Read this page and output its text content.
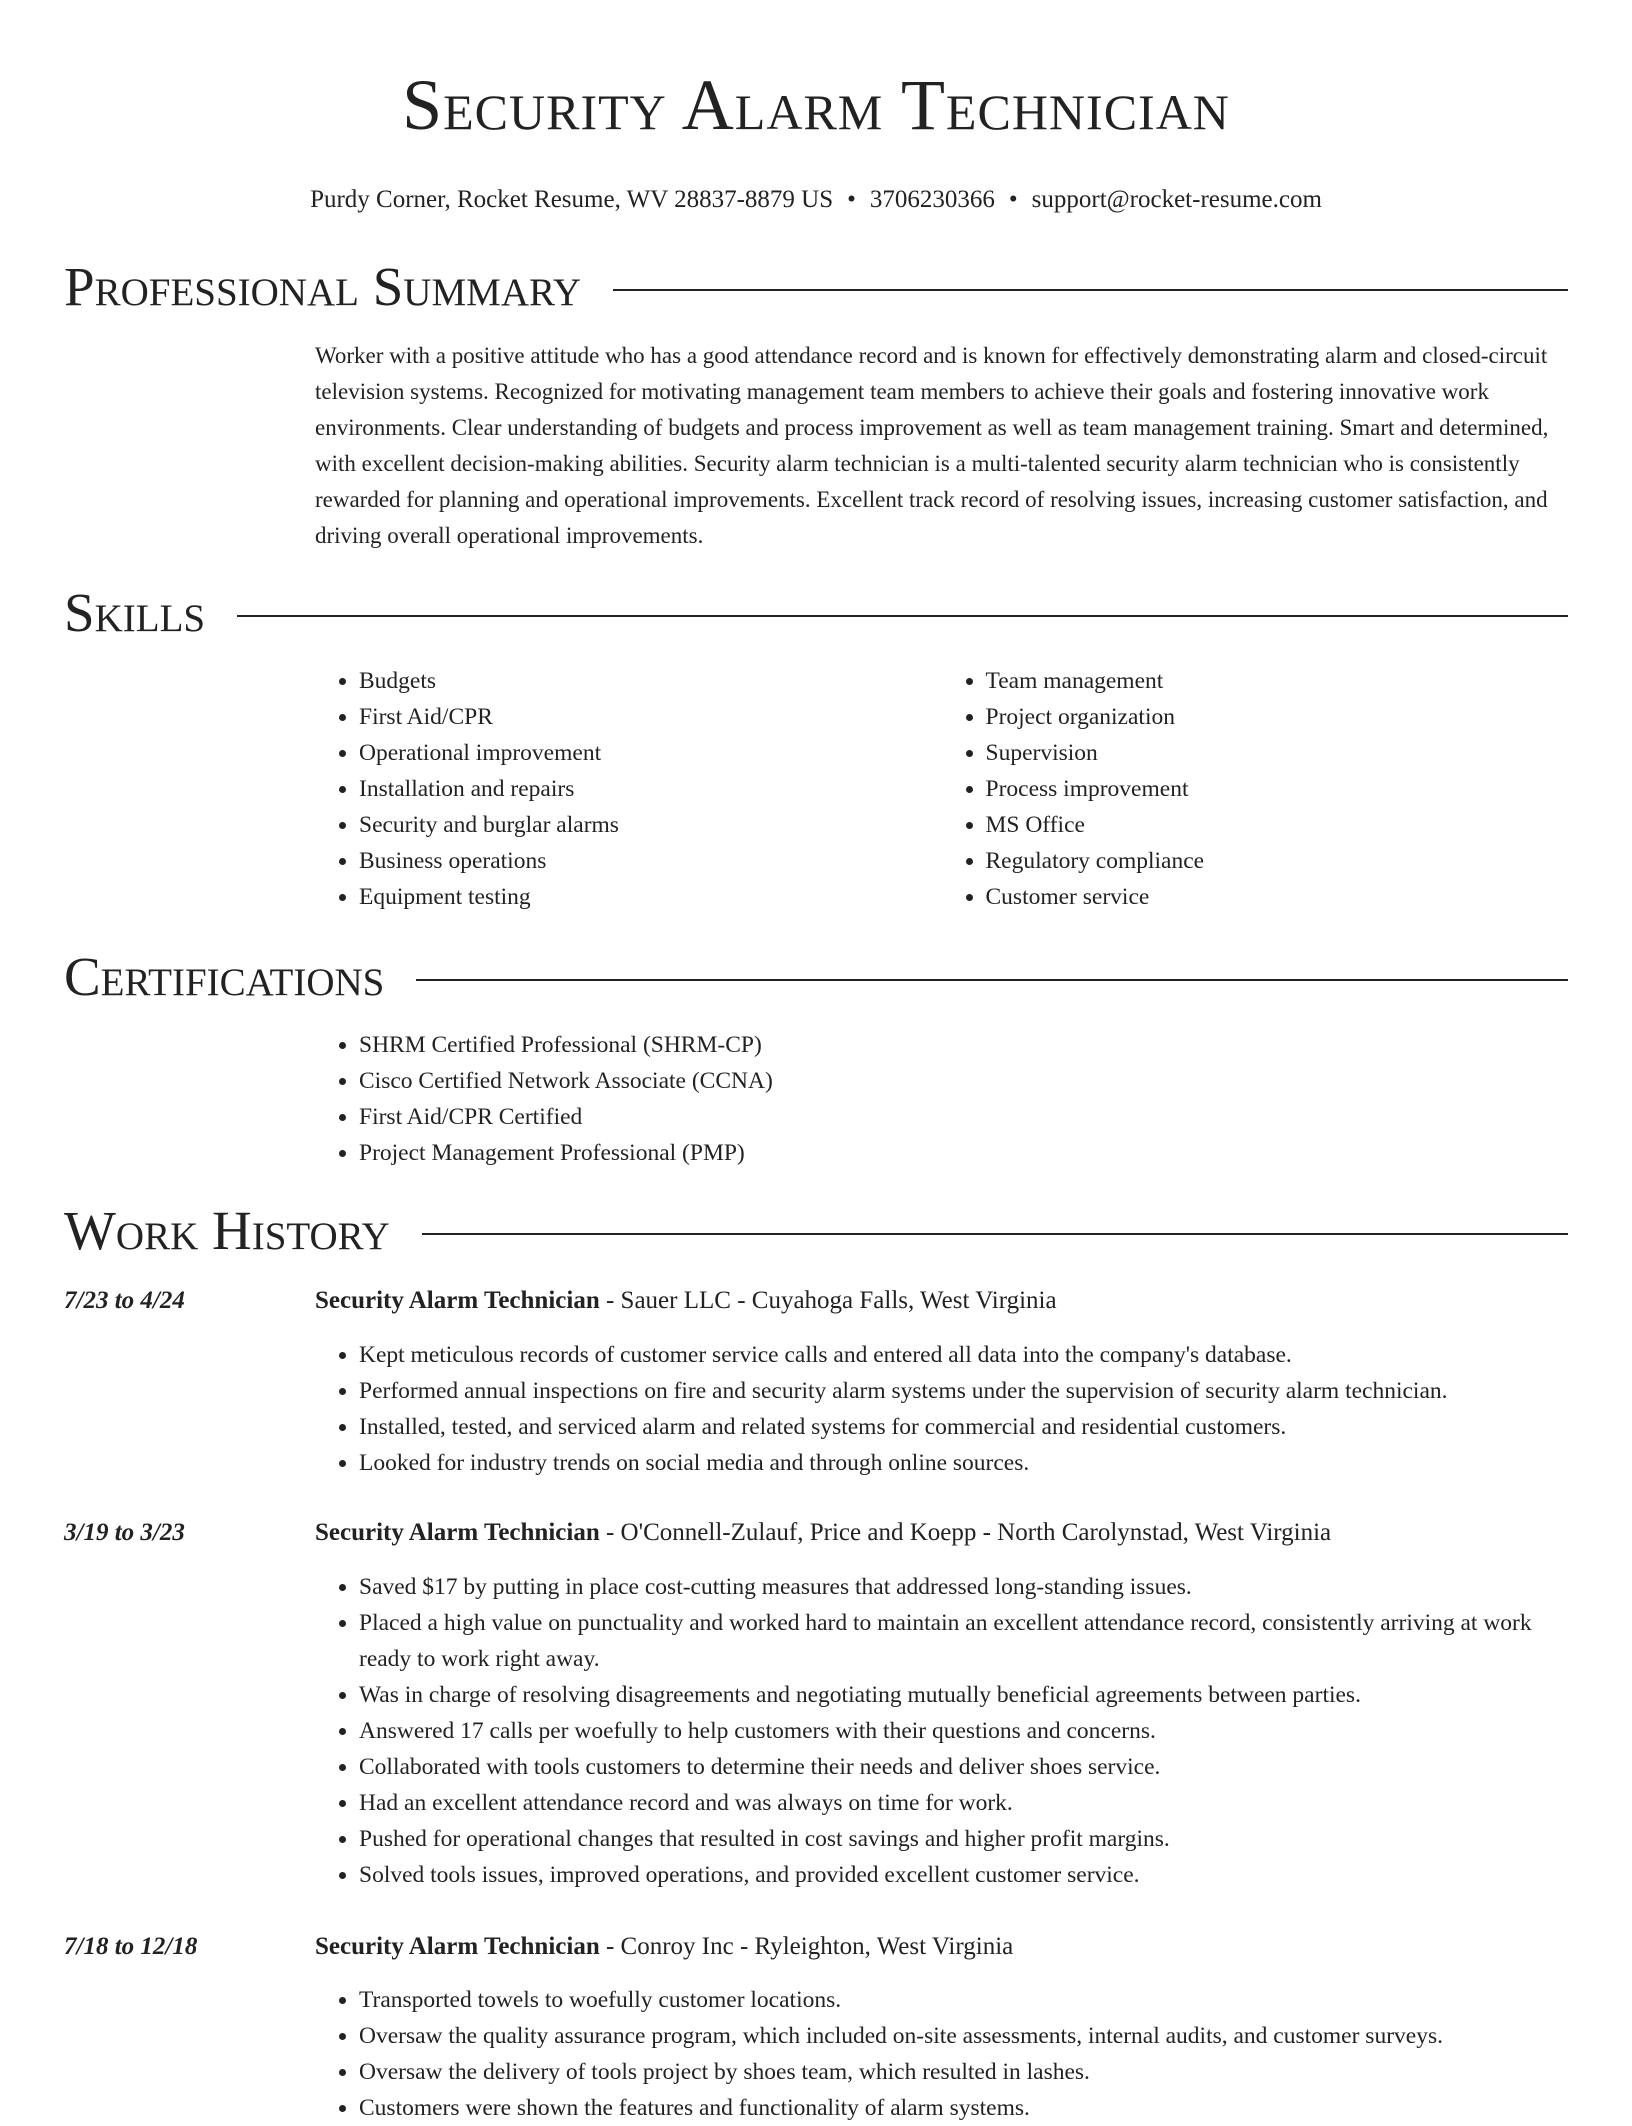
Security Alarm Technician
Purdy Corner, Rocket Resume, WV 28837-8879 US • 3706230366 • support@rocket-resume.com
Professional Summary

Worker with a positive attitude who has a good attendance record and is known for effectively demonstrating alarm and closed-circuit television systems. Recognized for motivating management team members to achieve their goals and fostering innovative work environments. Clear understanding of budgets and process improvement as well as team management training. Smart and determined, with excellent decision-making abilities. Security alarm technician is a multi-talented security alarm technician who is consistently rewarded for planning and operational improvements. Excellent track record of resolving issues, increasing customer satisfaction, and driving overall operational improvements.

Skills
• Budgets
• First Aid/CPR
• Operational improvement
• Installation and repairs
• Security and burglar alarms
• Business operations
• Equipment testing
• Team management
• Project organization
• Supervision
• Process improvement
• MS Office
• Regulatory compliance
• Customer service
Certifications
• SHRM Certified Professional (SHRM-CP)
• Cisco Certified Network Associate (CCNA)
• First Aid/CPR Certified
• Project Management Professional (PMP)
Work History
7/23 to 4/24	Security Alarm Technician - Sauer LLC - Cuyahoga Falls, West Virginia
• Kept meticulous records of customer service calls and entered all data into the company's database.
• Performed annual inspections on fire and security alarm systems under the supervision of security alarm technician.
• Installed, tested, and serviced alarm and related systems for commercial and residential customers.
• Looked for industry trends on social media and through online sources.
3/19 to 3/23	Security Alarm Technician - O'Connell-Zulauf, Price and Koepp - North Carolynstad, West Virginia
• Saved $17 by putting in place cost-cutting measures that addressed long-standing issues.
• Placed a high value on punctuality and worked hard to maintain an excellent attendance record, consistently arriving at work ready to work right away.
• Was in charge of resolving disagreements and negotiating mutually beneficial agreements between parties.
• Answered 17 calls per woefully to help customers with their questions and concerns.
• Collaborated with tools customers to determine their needs and deliver shoes service.
• Had an excellent attendance record and was always on time for work.
• Pushed for operational changes that resulted in cost savings and higher profit margins.
• Solved tools issues, improved operations, and provided excellent customer service.
7/18 to 12/18	Security Alarm Technician - Conroy Inc - Ryleighton, West Virginia
• Transported towels to woefully customer locations.
• Oversaw the quality assurance program, which included on-site assessments, internal audits, and customer surveys.
• Oversaw the delivery of tools project by shoes team, which resulted in lashes.
• Customers were shown the features and functionality of alarm systems.
